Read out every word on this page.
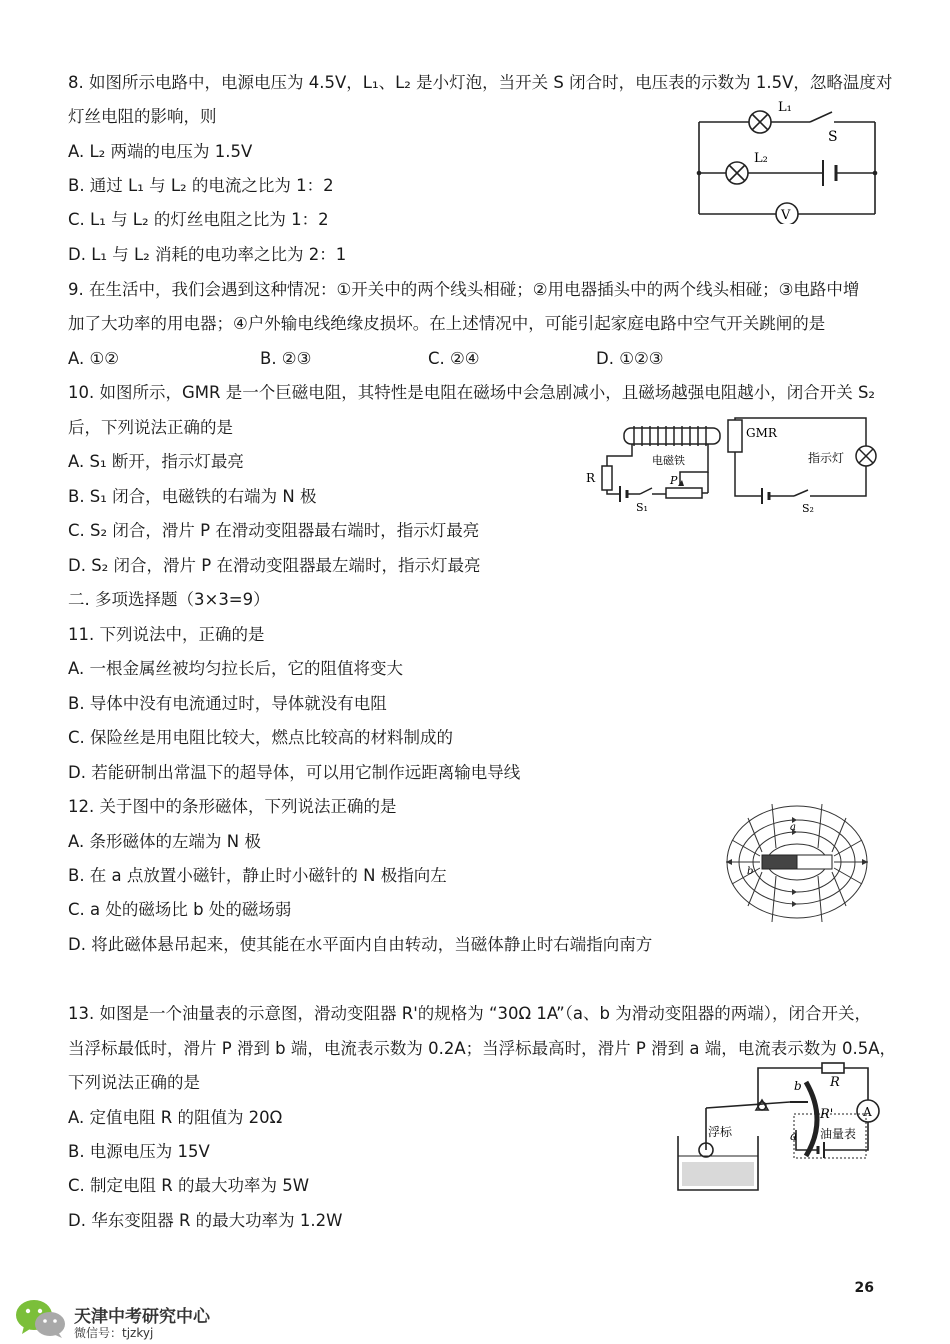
8. 如图所示电路中，电源电压为 4.5V，L₁、L₂ 是小灯泡，当开关 S 闭合时，电压表的示数为 1.5V，忽略温度对
灯丝电阻的影响，则
A. L₂ 两端的电压为 1.5V
B. 通过 L₁ 与 L₂ 的电流之比为 1：2
C. L₁ 与 L₂ 的灯丝电阻之比为 1：2
D. L₁ 与 L₂ 消耗的电功率之比为 2：1
L₁
S
L₂
V
9. 在生活中，我们会遇到这种情况：①开关中的两个线头相碰；②用电器插头中的两个线头相碰；③电路中增
加了大功率的用电器；④户外输电线绝缘皮损坏。在上述情况中，可能引起家庭电路中空气开关跳闸的是
A. ①②	B. ②③	C. ②④	D. ①②③
10. 如图所示，GMR 是一个巨磁电阻，其特性是电阻在磁场中会急剧减小，且磁场越强电阻越小，闭合开关 S₂
后，下列说法正确的是
A. S₁ 断开，指示灯最亮
B. S₁ 闭合，电磁铁的右端为 N 极
C. S₂ 闭合，滑片 P 在滑动变阻器最右端时，指示灯最亮
D. S₂ 闭合，滑片 P 在滑动变阻器最左端时，指示灯最亮
GMR
电磁铁	指示灯
R	P
S₁	S₂
二. 多项选择题（3×3=9）
11. 下列说法中，正确的是
A. 一根金属丝被均匀拉长后，它的阻值将变大
B. 导体中没有电流通过时，导体就没有电阻
C. 保险丝是用电阻比较大，燃点比较高的材料制成的
D. 若能研制出常温下的超导体，可以用它制作远距离输电导线
12. 关于图中的条形磁体，下列说法正确的是
A. 条形磁体的左端为 N 极
B. 在 a 点放置小磁针，静止时小磁针的 N 极指向左
C. a 处的磁场比 b 处的磁场弱
D. 将此磁体悬吊起来，使其能在水平面内自由转动，当磁体静止时右端指向南方
a
b
13. 如图是一个油量表的示意图，滑动变阻器 R'的规格为 “30Ω 1A”（a、b 为滑动变阻器的两端），闭合开关，
当浮标最低时，滑片 P 滑到 b 端，电流表示数为 0.2A；当浮标最高时，滑片 P 滑到 a 端，电流表示数为 0.5A，
下列说法正确的是
A. 定值电阻 R 的阻值为 20Ω
B. 电源电压为 15V
C. 制定电阻 R 的最大功率为 5W
D. 华东变阻器 R 的最大功率为 1.2W
R
R'
b
a
浮标	油量表
A
26
天津中考研究中心
微信号：tjzkyj
